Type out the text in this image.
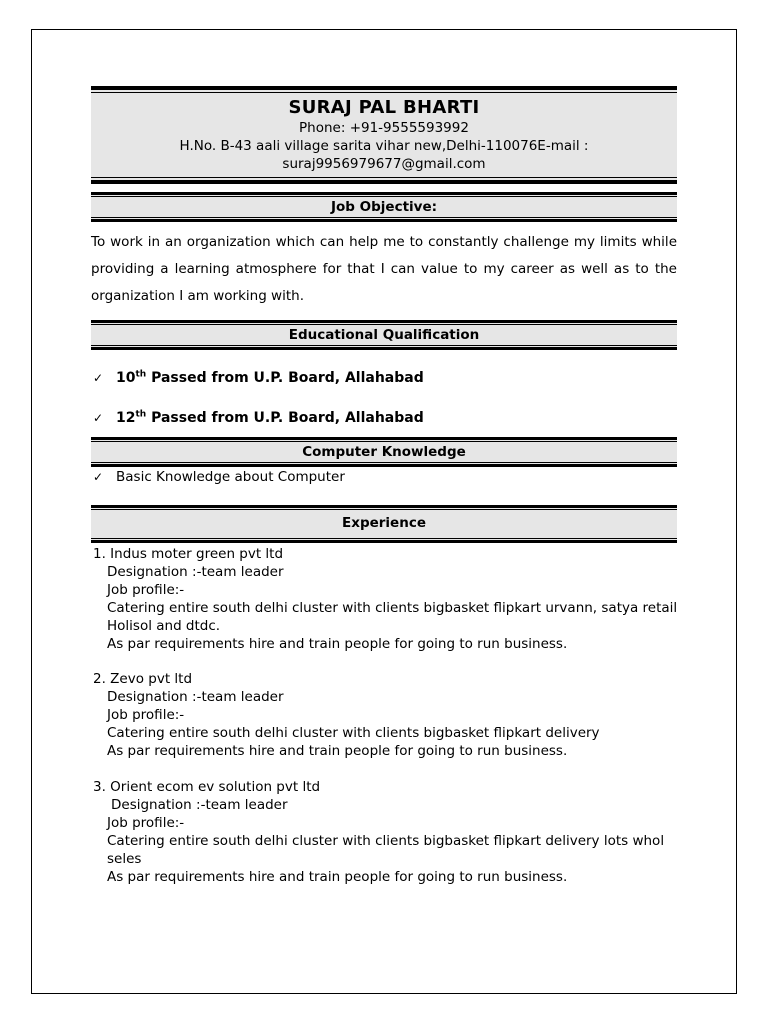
SURAJ PAL BHARTI
Phone: +91-9555593992
H.No. B-43 aali village sarita vihar new,Delhi-110076E-mail :
suraj9956979677@gmail.com
Job Objective:
To work in an organization which can help me to constantly challenge my limits while providing a learning atmosphere for that I can value to my career as well as to the organization I am working with.
Educational Qualification
✓ 10th Passed from U.P. Board, Allahabad
✓ 12th Passed from U.P. Board, Allahabad
Computer Knowledge
✓ Basic Knowledge about Computer
Experience
1. Indus moter green pvt ltd
Designation :-team leader
Job profile:-
Catering entire south delhi cluster with clients bigbasket flipkart urvann, satya retail
Holisol and dtdc.
As par requirements hire and train people for going to run business.
2. Zevo pvt ltd
Designation :-team leader
Job profile:-
Catering entire south delhi cluster with clients bigbasket flipkart delivery
As par requirements hire and train people for going to run business.
3. Orient ecom ev solution pvt ltd
Designation :-team leader
Job profile:-
Catering entire south delhi cluster with clients bigbasket flipkart delivery lots whol
seles
As par requirements hire and train people for going to run business.
